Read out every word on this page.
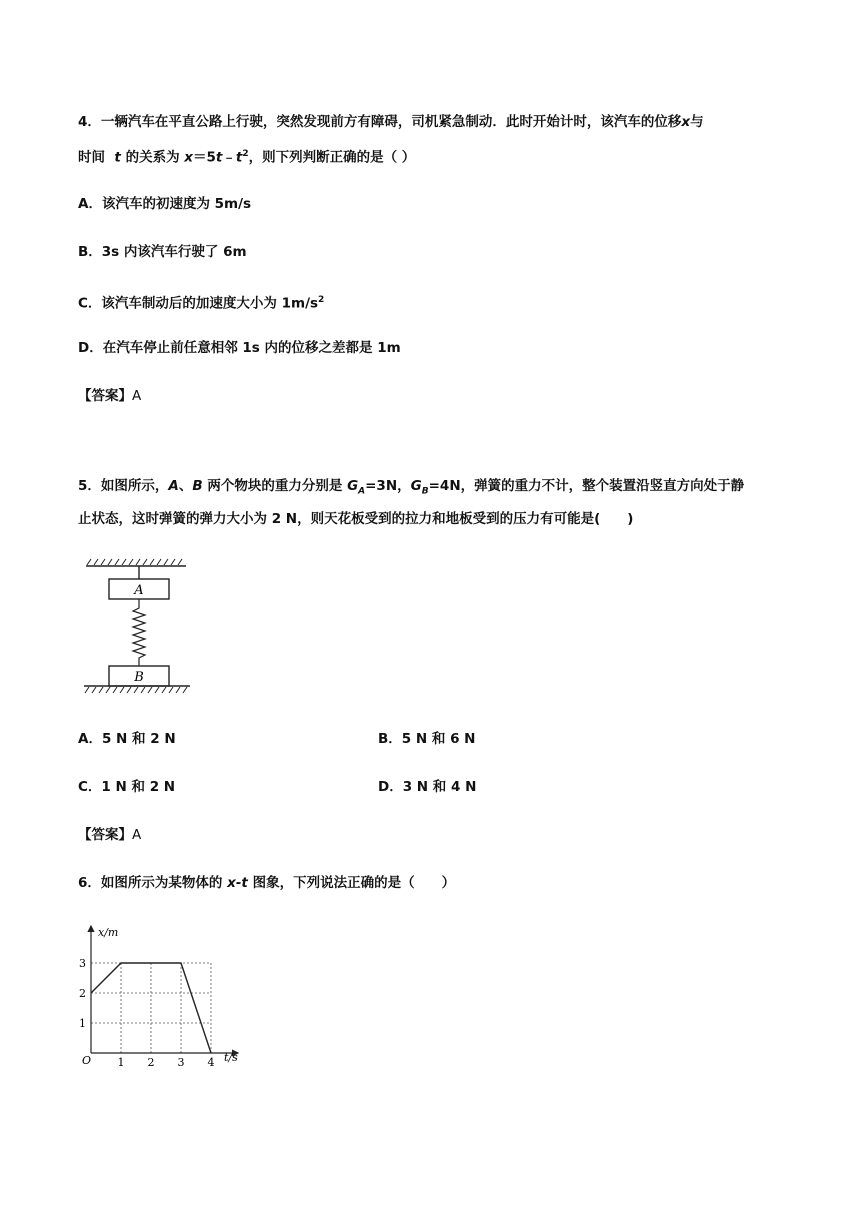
4．一辆汽车在平直公路上行驶，突然发现前方有障碍，司机紧急制动．此时开始计时，该汽车的位移x与
时间 t 的关系为 $x=5t﹣t^2$，则下列判断正确的是（ ）
A．该汽车的初速度为 5m/s
B．3s 内该汽车行驶了 6m
C．该汽车制动后的加速度大小为 $1m/s^2$
D．在汽车停止前任意相邻 1s 内的位移之差都是 1m
【答案】A
5．如图所示，A、B 两个物块的重力分别是 $G_A=3N$，$G_B=4N$，弹簧的重力不计，整个装置沿竖直方向处于静
止状态，这时弹簧的弹力大小为 2 N，则天花板受到的拉力和地板受到的压力有可能是(　　)
A
B
A．5 N 和 2 N	B．5 N 和 6 N
C．1 N 和 2 N	D．3 N 和 4 N
【答案】A
6．如图所示为某物体的 x-t 图象，下列说法正确的是（　　）
x/m
t/s
O 1 2 3 4
1
2
3
